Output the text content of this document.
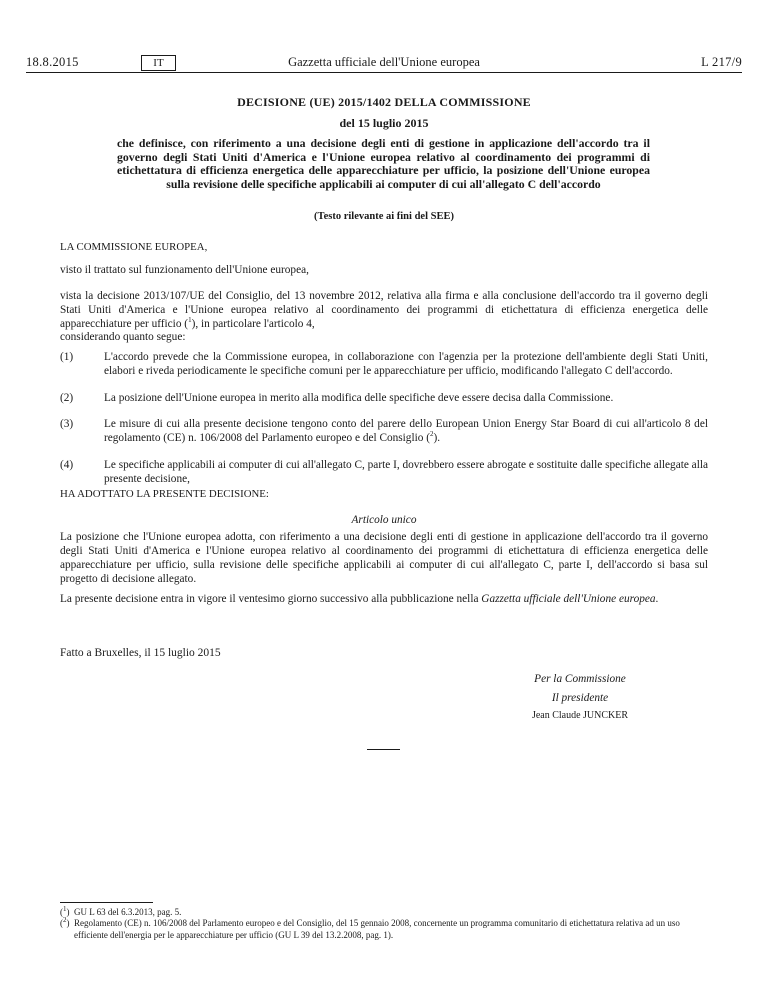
18.8.2015	IT	Gazzetta ufficiale dell'Unione europea	L 217/9
DECISIONE (UE) 2015/1402 DELLA COMMISSIONE
del 15 luglio 2015
che definisce, con riferimento a una decisione degli enti di gestione in applicazione dell'accordo tra il governo degli Stati Uniti d'America e l'Unione europea relativo al coordinamento dei programmi di etichettatura di efficienza energetica delle apparecchiature per ufficio, la posizione dell'Unione europea sulla revisione delle specifiche applicabili ai computer di cui all'allegato C dell'accordo
(Testo rilevante ai fini del SEE)
LA COMMISSIONE EUROPEA,
visto il trattato sul funzionamento dell'Unione europea,
vista la decisione 2013/107/UE del Consiglio, del 13 novembre 2012, relativa alla firma e alla conclusione dell'accordo tra il governo degli Stati Uniti d'America e l'Unione europea relativo al coordinamento dei programmi di etichettatura di efficienza energetica delle apparecchiature per ufficio ($^1$), in particolare l'articolo 4,
considerando quanto segue:
(1)	L'accordo prevede che la Commissione europea, in collaborazione con l'agenzia per la protezione dell'ambiente degli Stati Uniti, elabori e riveda periodicamente le specifiche comuni per le apparecchiature per ufficio, modificando l'allegato C dell'accordo.
(2)	La posizione dell'Unione europea in merito alla modifica delle specifiche deve essere decisa dalla Commissione.
(3)	Le misure di cui alla presente decisione tengono conto del parere dello European Union Energy Star Board di cui all'articolo 8 del regolamento (CE) n. 106/2008 del Parlamento europeo e del Consiglio ($^2$).
(4)	Le specifiche applicabili ai computer di cui all'allegato C, parte I, dovrebbero essere abrogate e sostituite dalle specifiche allegate alla presente decisione,
HA ADOTTATO LA PRESENTE DECISIONE:
Articolo unico
La posizione che l'Unione europea adotta, con riferimento a una decisione degli enti di gestione in applicazione dell'accordo tra il governo degli Stati Uniti d'America e l'Unione europea relativo al coordinamento dei programmi di etichettatura di efficienza energetica delle apparecchiature per ufficio, sulla revisione delle specifiche applicabili ai computer di cui all'allegato C, parte I, dell'accordo si basa sul progetto di decisione allegato.
La presente decisione entra in vigore il ventesimo giorno successivo alla pubblicazione nella Gazzetta ufficiale dell'Unione europea.
Fatto a Bruxelles, il 15 luglio 2015
Per la Commissione
Il presidente
Jean Claude JUNCKER
($^1$) GU L 63 del 6.3.2013, pag. 5.
($^2$) Regolamento (CE) n. 106/2008 del Parlamento europeo e del Consiglio, del 15 gennaio 2008, concernente un programma comunitario di etichettatura relativa ad un uso efficiente dell'energia per le apparecchiature per ufficio (GU L 39 del 13.2.2008, pag. 1).
